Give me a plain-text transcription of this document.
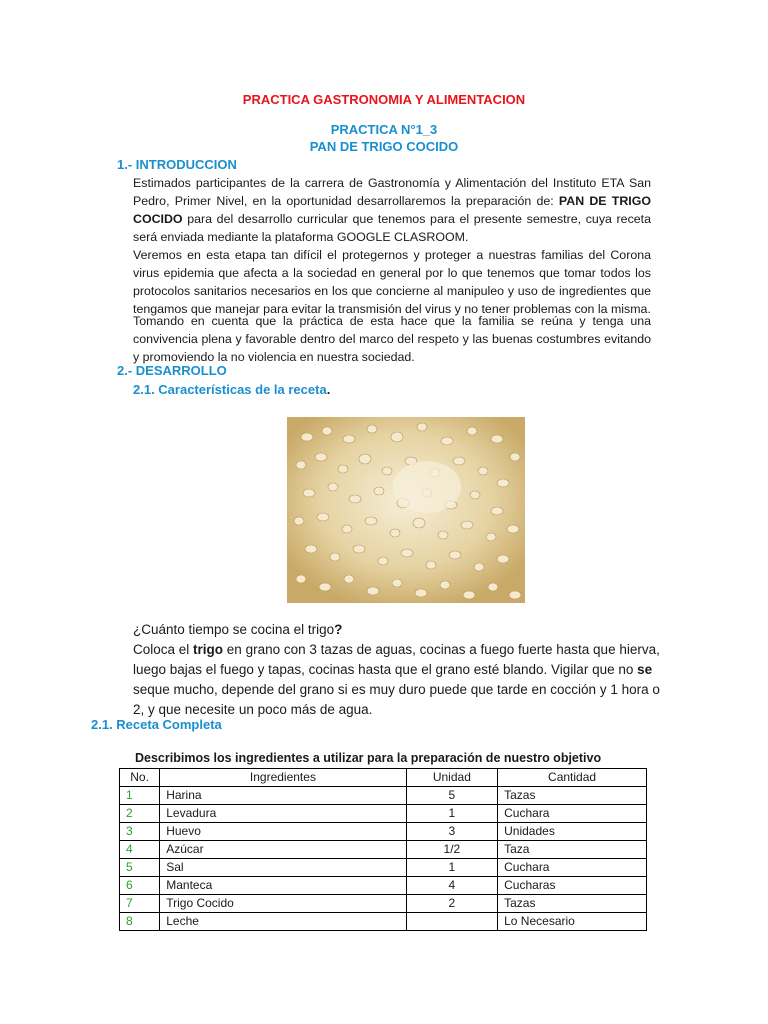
PRACTICA GASTRONOMIA Y ALIMENTACION
PRACTICA N°1_3
PAN DE TRIGO COCIDO
1.- INTRODUCCION

Estimados participantes de la carrera de Gastronomía y Alimentación del Instituto ETA San Pedro, Primer Nivel, en la oportunidad desarrollaremos la preparación de: PAN DE TRIGO COCIDO para del desarrollo curricular que tenemos para el presente semestre, cuya receta será enviada mediante la plataforma GOOGLE CLASROOM.

Veremos en esta etapa tan difícil el protegernos y proteger a nuestras familias del Corona virus epidemia que afecta a la sociedad en general por lo que tenemos que tomar todos los protocolos sanitarios necesarios en los que concierne al manipuleo y uso de ingredientes que tengamos que manejar para evitar la transmisión del virus y no tener problemas con la misma.

Tomando en cuenta que la práctica de esta hace que la familia se reúna y tenga una convivencia plena y favorable dentro del marco del respeto y las buenas costumbres evitando y promoviendo la no violencia en nuestra sociedad.

2.- DESARROLLO
2.1. Características de la receta.
¿Cuánto tiempo se cocina el trigo?

Coloca el trigo en grano con 3 tazas de aguas, cocinas a fuego fuerte hasta que hierva, luego bajas el fuego y tapas, cocinas hasta que el grano esté blando. Vigilar que no se seque mucho, depende del grano si es muy duro puede que tarde en cocción y 1 hora o 2, y que necesite un poco más de agua.

2.1. Receta Completa
Describimos los ingredientes a utilizar para la preparación de nuestro objetivo
No.	Ingredientes	Unidad	Cantidad
1	Harina	5	Tazas
2	Levadura	1	Cuchara
3	Huevo	3	Unidades
4	Azúcar	1/2	Taza
5	Sal	1	Cuchara
6	Manteca	4	Cucharas
7	Trigo Cocido	2	Tazas
8	Leche		Lo Necesario
